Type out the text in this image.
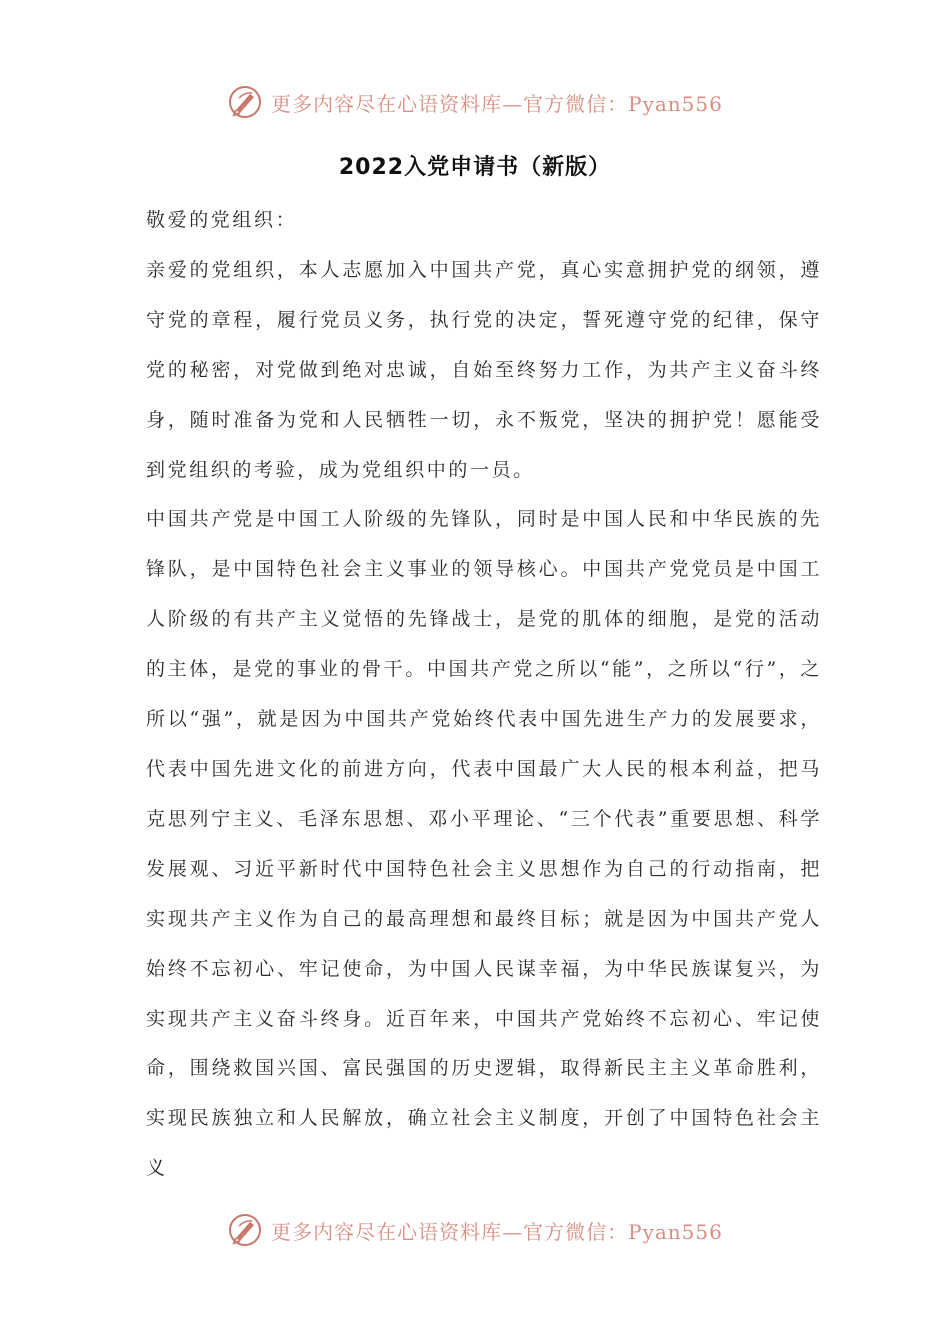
更多内容尽在心语资料库—官方微信：Pyan556
2022入党申请书（新版）

敬爱的党组织：

亲爱的党组织，本人志愿加入中国共产党，真心实意拥护党的纲领，遵守党的章程，履行党员义务，执行党的决定，誓死遵守党的纪律，保守党的秘密，对党做到绝对忠诚，自始至终努力工作，为共产主义奋斗终身，随时准备为党和人民牺牲一切，永不叛党，坚决的拥护党！愿能受到党组织的考验，成为党组织中的一员。

中国共产党是中国工人阶级的先锋队，同时是中国人民和中华民族的先锋队，是中国特色社会主义事业的领导核心。中国共产党党员是中国工人阶级的有共产主义觉悟的先锋战士，是党的肌体的细胞，是党的活动的主体，是党的事业的骨干。中国共产党之所以“能”，之所以“行”，之所以“强”，就是因为中国共产党始终代表中国先进生产力的发展要求，代表中国先进文化的前进方向，代表中国最广大人民的根本利益，把马克思列宁主义、毛泽东思想、邓小平理论、“三个代表”重要思想、科学发展观、习近平新时代中国特色社会主义思想作为自己的行动指南，把实现共产主义作为自己的最高理想和最终目标；就是因为中国共产党人始终不忘初心、牢记使命，为中国人民谋幸福，为中华民族谋复兴，为实现共产主义奋斗终身。近百年来，中国共产党始终不忘初心、牢记使命，围绕救国兴国、富民强国的历史逻辑，取得新民主主义革命胜利，实现民族独立和人民解放，确立社会主义制度，开创了中国特色社会主义

更多内容尽在心语资料库—官方微信：Pyan556
